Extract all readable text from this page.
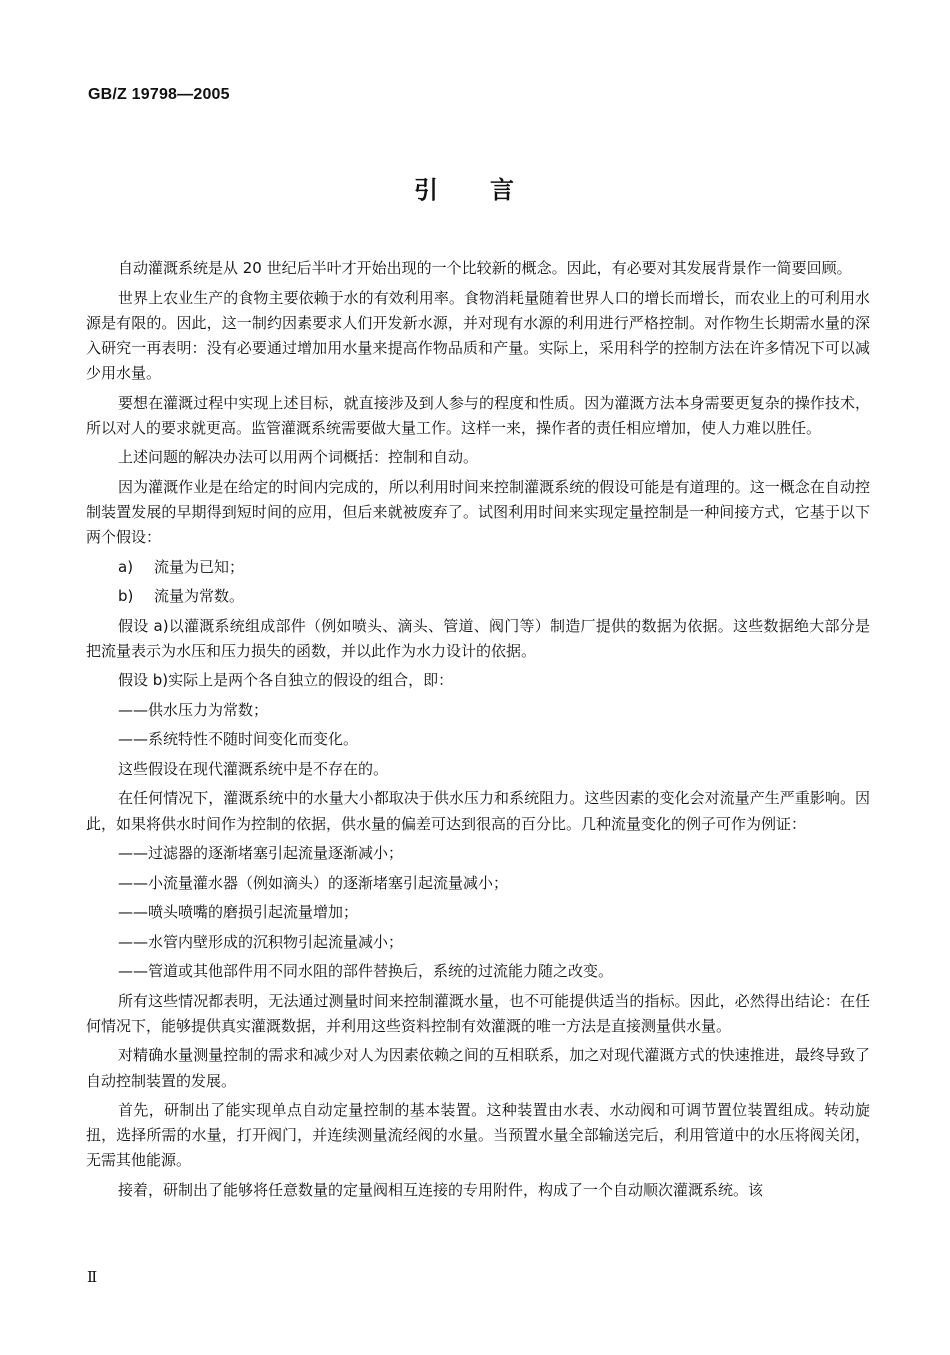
GB/Z 19798—2005
引言

自动灌溉系统是从 20 世纪后半叶才开始出现的一个比较新的概念。因此，有必要对其发展背景作一简要回顾。

世界上农业生产的食物主要依赖于水的有效利用率。食物消耗量随着世界人口的增长而增长，而农业上的可利用水源是有限的。因此，这一制约因素要求人们开发新水源，并对现有水源的利用进行严格控制。对作物生长期需水量的深入研究一再表明：没有必要通过增加用水量来提高作物品质和产量。实际上，采用科学的控制方法在许多情况下可以减少用水量。

要想在灌溉过程中实现上述目标，就直接涉及到人参与的程度和性质。因为灌溉方法本身需要更复杂的操作技术，所以对人的要求就更高。监管灌溉系统需要做大量工作。这样一来，操作者的责任相应增加，使人力难以胜任。

上述问题的解决办法可以用两个词概括：控制和自动。

因为灌溉作业是在给定的时间内完成的，所以利用时间来控制灌溉系统的假设可能是有道理的。这一概念在自动控制装置发展的早期得到短时间的应用，但后来就被废弃了。试图利用时间来实现定量控制是一种间接方式，它基于以下两个假设：

a) 流量为已知；

b) 流量为常数。

假设 a)以灌溉系统组成部件（例如喷头、滴头、管道、阀门等）制造厂提供的数据为依据。这些数据绝大部分是把流量表示为水压和压力损失的函数，并以此作为水力设计的依据。

假设 b)实际上是两个各自独立的假设的组合，即：

——供水压力为常数；

——系统特性不随时间变化而变化。

这些假设在现代灌溉系统中是不存在的。

在任何情况下，灌溉系统中的水量大小都取决于供水压力和系统阻力。这些因素的变化会对流量产生严重影响。因此，如果将供水时间作为控制的依据，供水量的偏差可达到很高的百分比。几种流量变化的例子可作为例证：

——过滤器的逐渐堵塞引起流量逐渐减小；

——小流量灌水器（例如滴头）的逐渐堵塞引起流量减小；

——喷头喷嘴的磨损引起流量增加；

——水管内壁形成的沉积物引起流量减小；

——管道或其他部件用不同水阻的部件替换后，系统的过流能力随之改变。

所有这些情况都表明，无法通过测量时间来控制灌溉水量，也不可能提供适当的指标。因此，必然得出结论：在任何情况下，能够提供真实灌溉数据，并利用这些资料控制有效灌溉的唯一方法是直接测量供水量。

对精确水量测量控制的需求和减少对人为因素依赖之间的互相联系，加之对现代灌溉方式的快速推进，最终导致了自动控制装置的发展。

首先，研制出了能实现单点自动定量控制的基本装置。这种装置由水表、水动阀和可调节置位装置组成。转动旋扭，选择所需的水量，打开阀门，并连续测量流经阀的水量。当预置水量全部输送完后，利用管道中的水压将阀关闭，无需其他能源。

接着，研制出了能够将任意数量的定量阀相互连接的专用附件，构成了一个自动顺次灌溉系统。该

Ⅱ
